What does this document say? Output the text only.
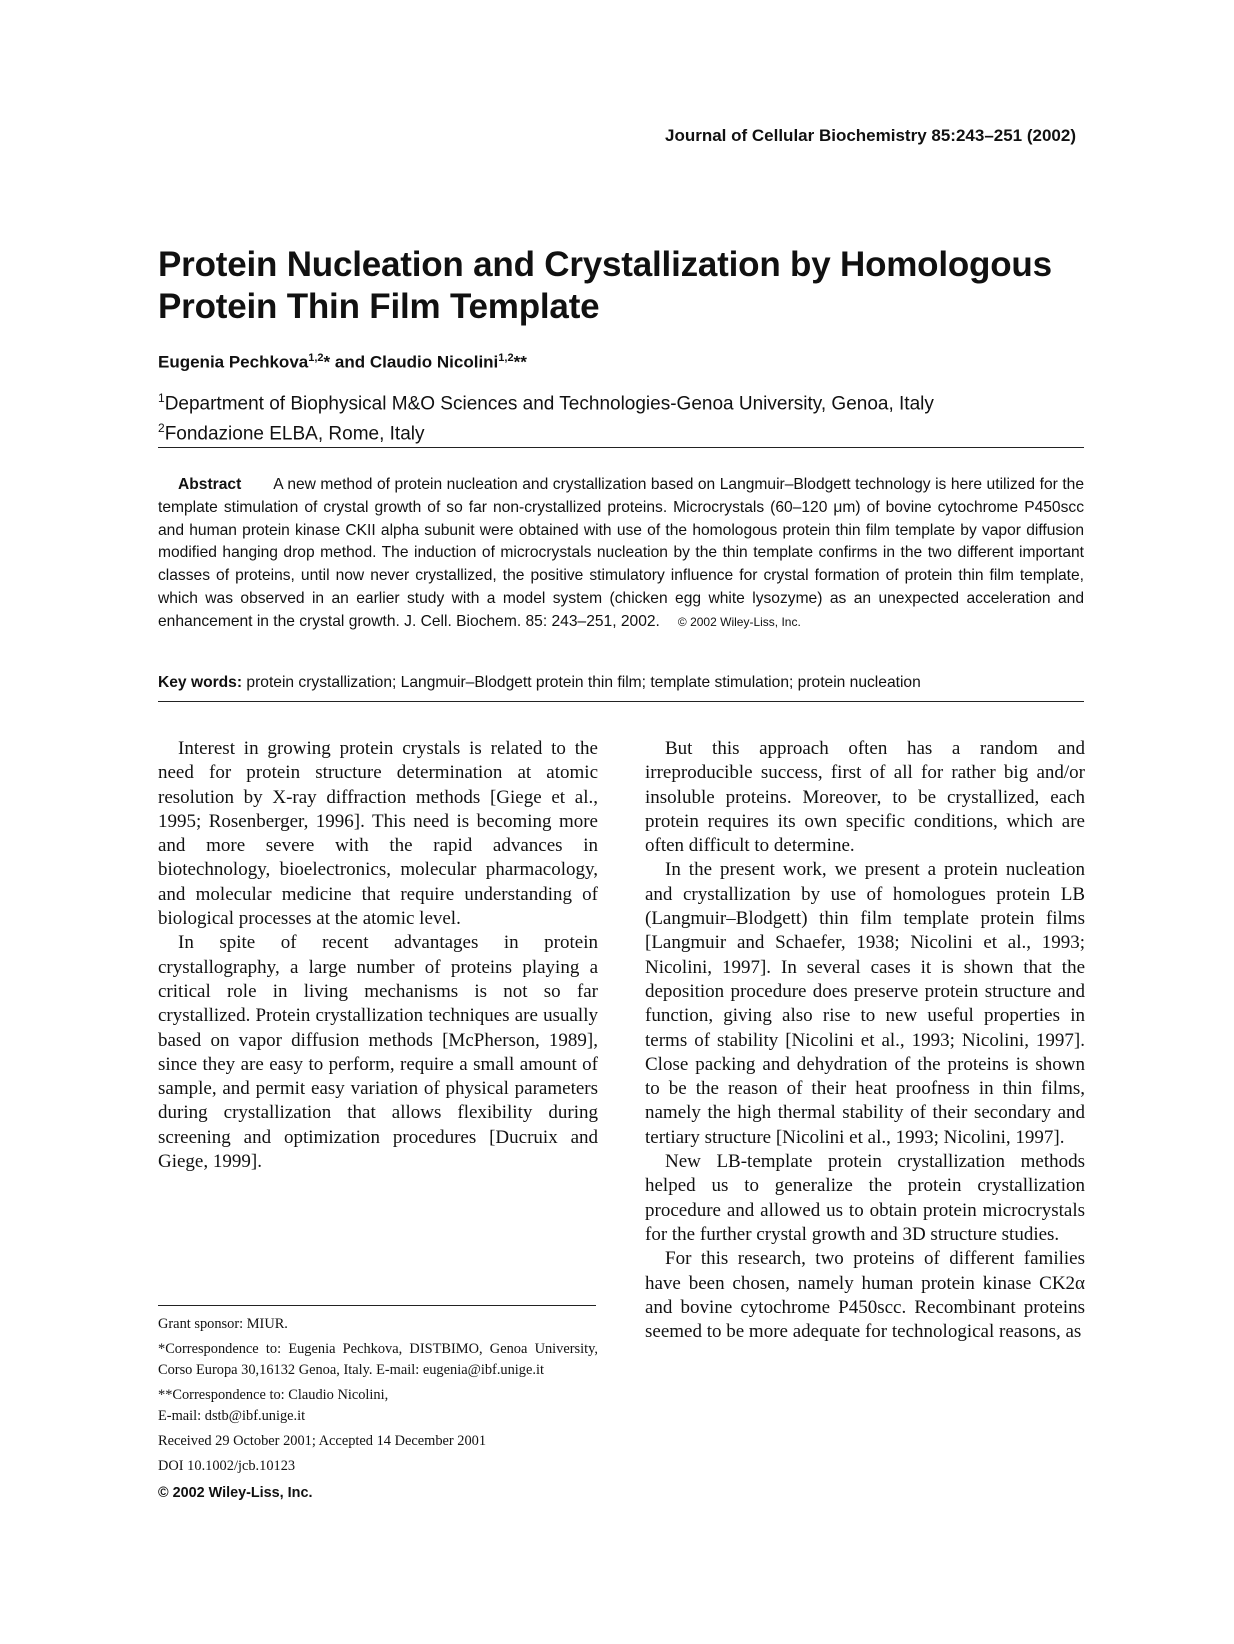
Journal of Cellular Biochemistry 85:243–251 (2002)
Protein Nucleation and Crystallization by Homologous Protein Thin Film Template
Eugenia Pechkova$^{1,2}$* and Claudio Nicolini$^{1,2}$**
$^1$Department of Biophysical M&O Sciences and Technologies-Genoa University, Genoa, Italy
$^2$Fondazione ELBA, Rome, Italy

Abstract A new method of protein nucleation and crystallization based on Langmuir–Blodgett technology is here utilized for the template stimulation of crystal growth of so far non-crystallized proteins. Microcrystals (60–120 μm) of bovine cytochrome P450scc and human protein kinase CKII alpha subunit were obtained with use of the homologous protein thin film template by vapor diffusion modified hanging drop method. The induction of microcrystals nucleation by the thin template confirms in the two different important classes of proteins, until now never crystallized, the positive stimulatory influence for crystal formation of protein thin film template, which was observed in an earlier study with a model system (chicken egg white lysozyme) as an unexpected acceleration and enhancement in the crystal growth. J. Cell. Biochem. 85: 243–251, 2002. © 2002 Wiley-Liss, Inc.

Key words: protein crystallization; Langmuir–Blodgett protein thin film; template stimulation; protein nucleation

Interest in growing protein crystals is related to the need for protein structure determination at atomic resolution by X-ray diffraction methods [Giege et al., 1995; Rosenberger, 1996]. This need is becoming more and more severe with the rapid advances in biotechnology, bioelectronics, molecular pharmacology, and molecular medicine that require understanding of biological processes at the atomic level.

In spite of recent advantages in protein crystallography, a large number of proteins playing a critical role in living mechanisms is not so far crystallized. Protein crystallization techniques are usually based on vapor diffusion methods [McPherson, 1989], since they are easy to perform, require a small amount of sample, and permit easy variation of physical parameters during crystallization that allows flexibility during screening and optimization procedures [Ducruix and Giege, 1999].

But this approach often has a random and irreproducible success, first of all for rather big and/or insoluble proteins. Moreover, to be crystallized, each protein requires its own specific conditions, which are often difficult to determine.

In the present work, we present a protein nucleation and crystallization by use of homologues protein LB (Langmuir–Blodgett) thin film template protein films [Langmuir and Schaefer, 1938; Nicolini et al., 1993; Nicolini, 1997]. In several cases it is shown that the deposition procedure does preserve protein structure and function, giving also rise to new useful properties in terms of stability [Nicolini et al., 1993; Nicolini, 1997]. Close packing and dehydration of the proteins is shown to be the reason of their heat proofness in thin films, namely the high thermal stability of their secondary and tertiary structure [Nicolini et al., 1993; Nicolini, 1997].

New LB-template protein crystallization methods helped us to generalize the protein crystallization procedure and allowed us to obtain protein microcrystals for the further crystal growth and 3D structure studies.

For this research, two proteins of different families have been chosen, namely human protein kinase CK2α and bovine cytochrome P450scc. Recombinant proteins seemed to be more adequate for technological reasons, as

Grant sponsor: MIUR.

*Correspondence to: Eugenia Pechkova, DISTBIMO, Genoa University, Corso Europa 30,16132 Genoa, Italy. E-mail: eugenia@ibf.unige.it

**Correspondence to: Claudio Nicolini,

E-mail: dstb@ibf.unige.it

Received 29 October 2001; Accepted 14 December 2001

DOI 10.1002/jcb.10123

© 2002 Wiley-Liss, Inc.
